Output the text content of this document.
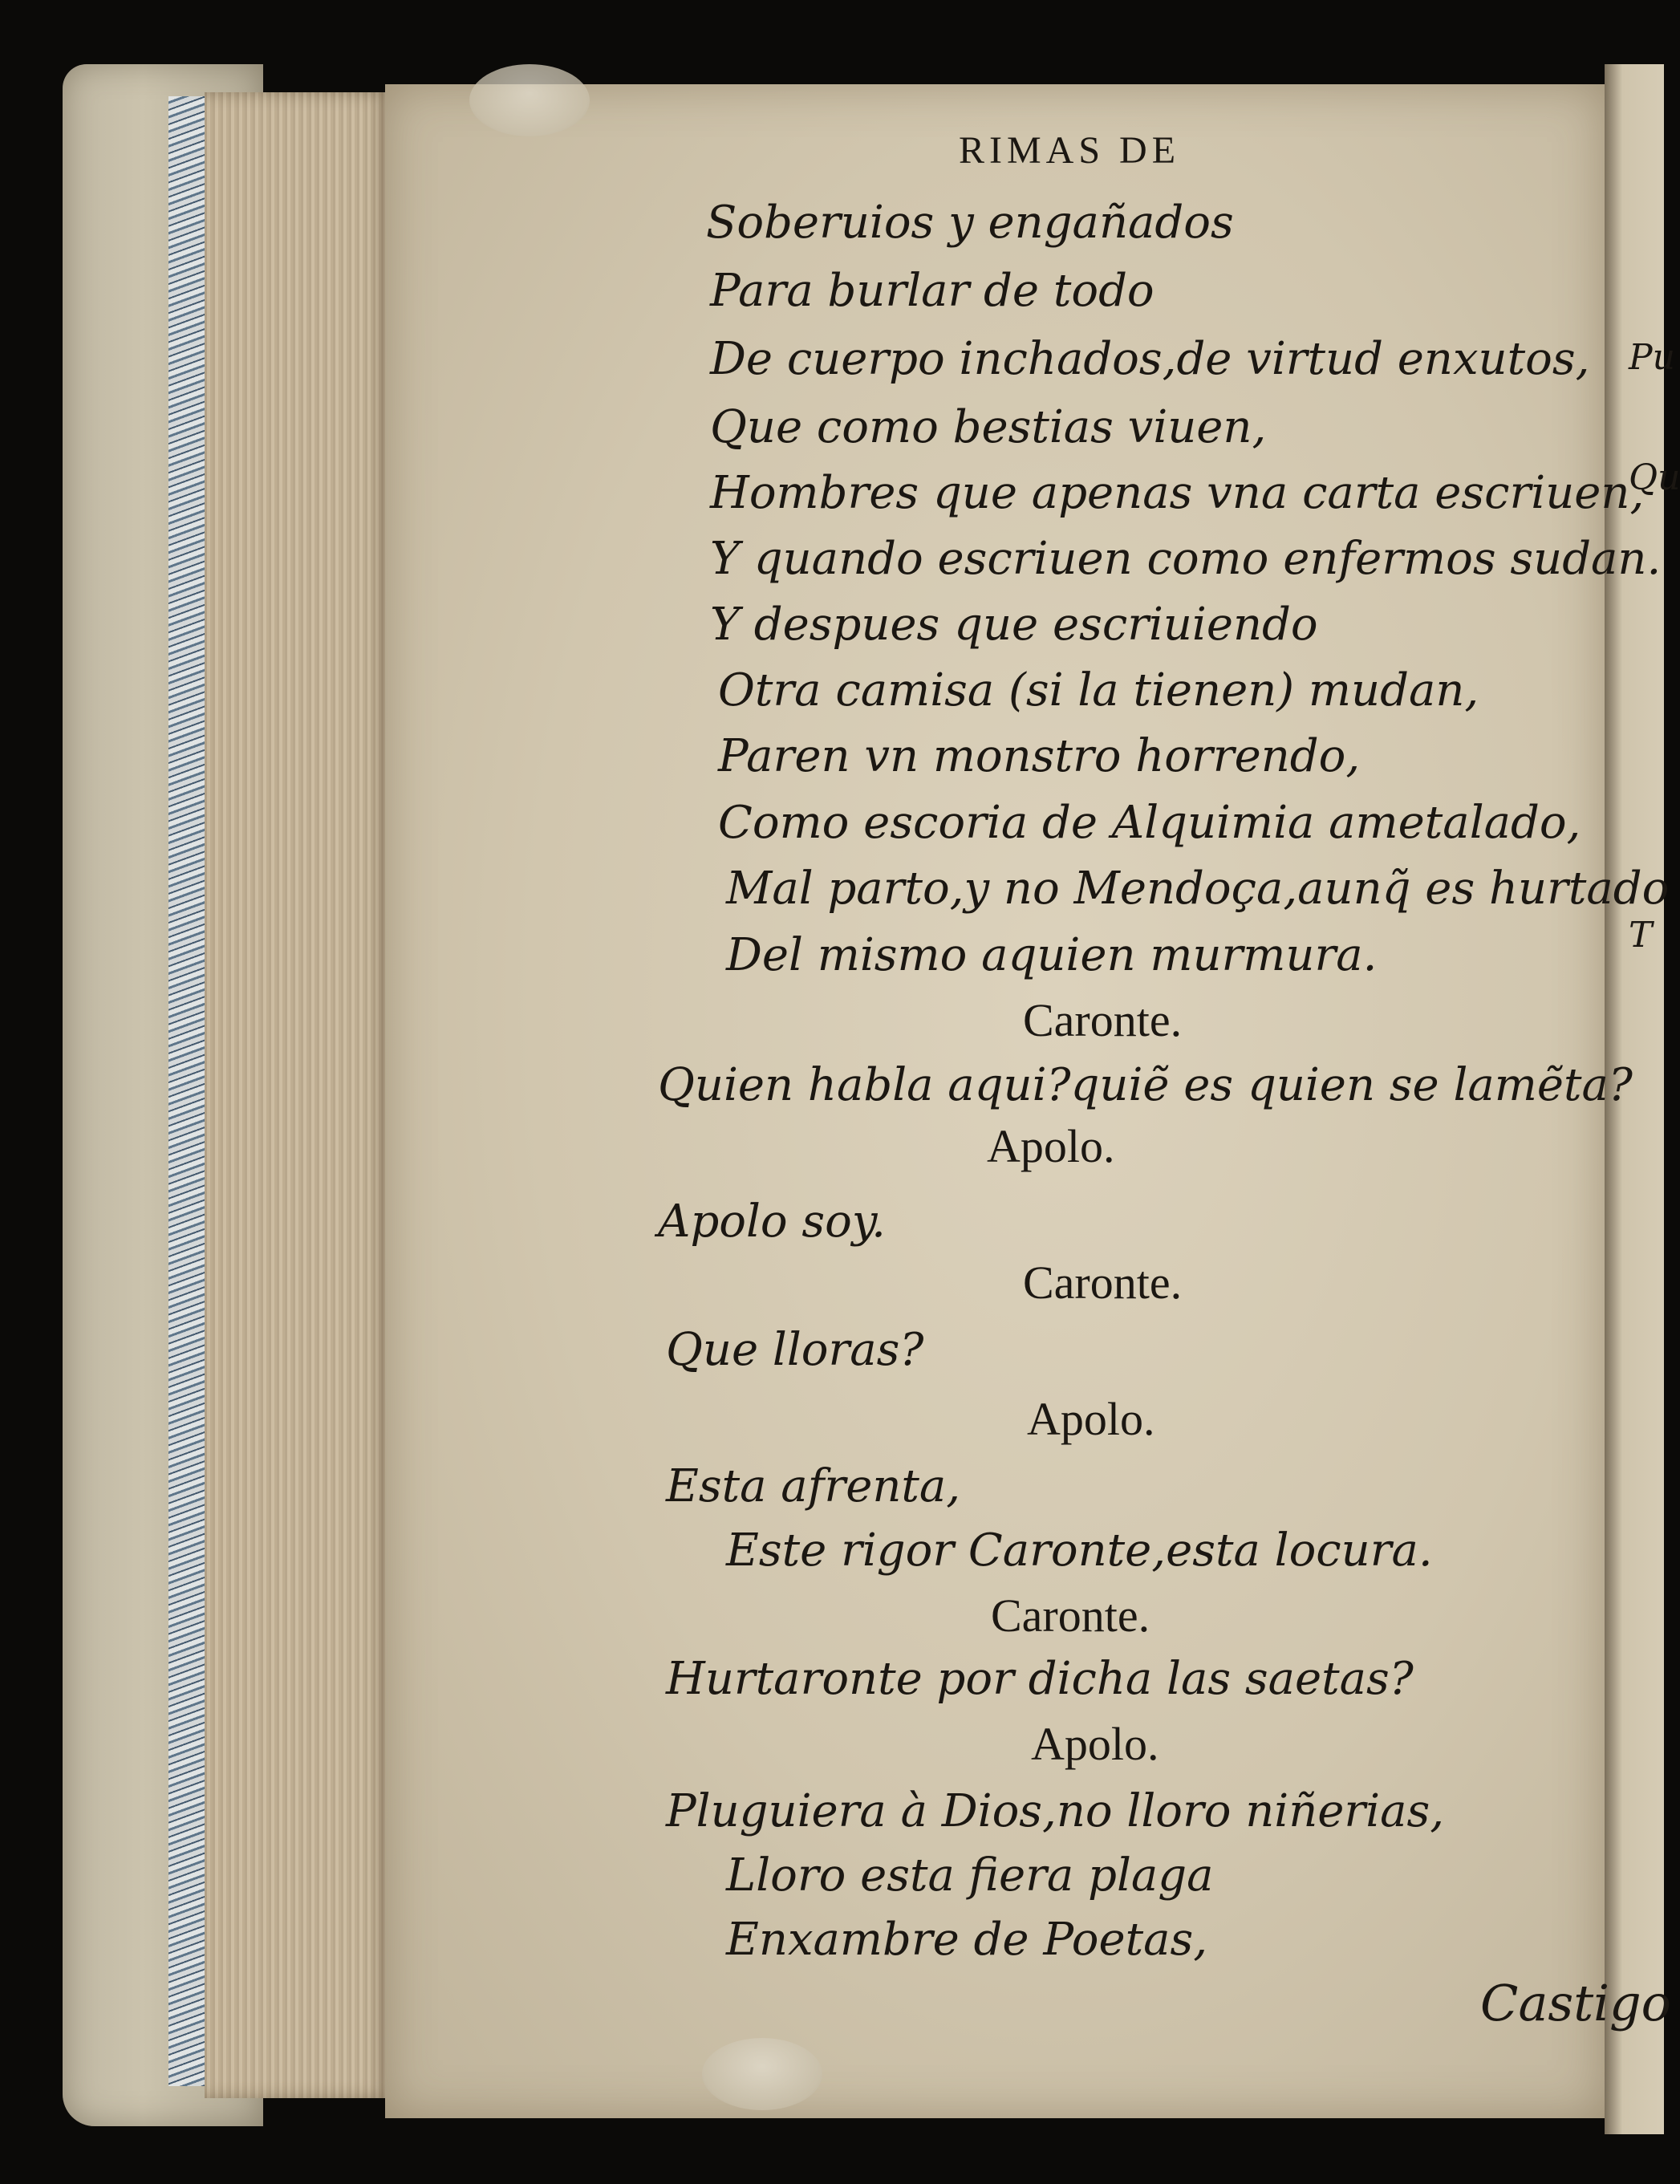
Pu
Qu
T
RIMAS DE
Soberuios y engañados
Para burlar de todo
De cuerpo inchados,de virtud enxutos,
Que como bestias viuen,
Hombres que apenas vna carta escriuen,
Y quando escriuen como enfermos sudan.
Y despues que escriuiendo
Otra camisa (si la tienen) mudan,
Paren vn monstro horrendo,
Como escoria de Alquimia ametalado,
Mal parto,y no Mendoça,aunq̃ es hurtado
Del mismo aquien murmura.
Caronte.
Quien habla aqui?quiẽ es quien se lamẽta?
Apolo.
Apolo soy.
Caronte.
Que lloras?
Apolo.
Esta afrenta,
Este rigor Caronte,esta locura.
Caronte.
Hurtaronte por dicha las saetas?
Apolo.
Pluguiera à Dios,no lloro niñerias,
Lloro esta fiera plaga
Enxambre de Poetas,
Castigo
